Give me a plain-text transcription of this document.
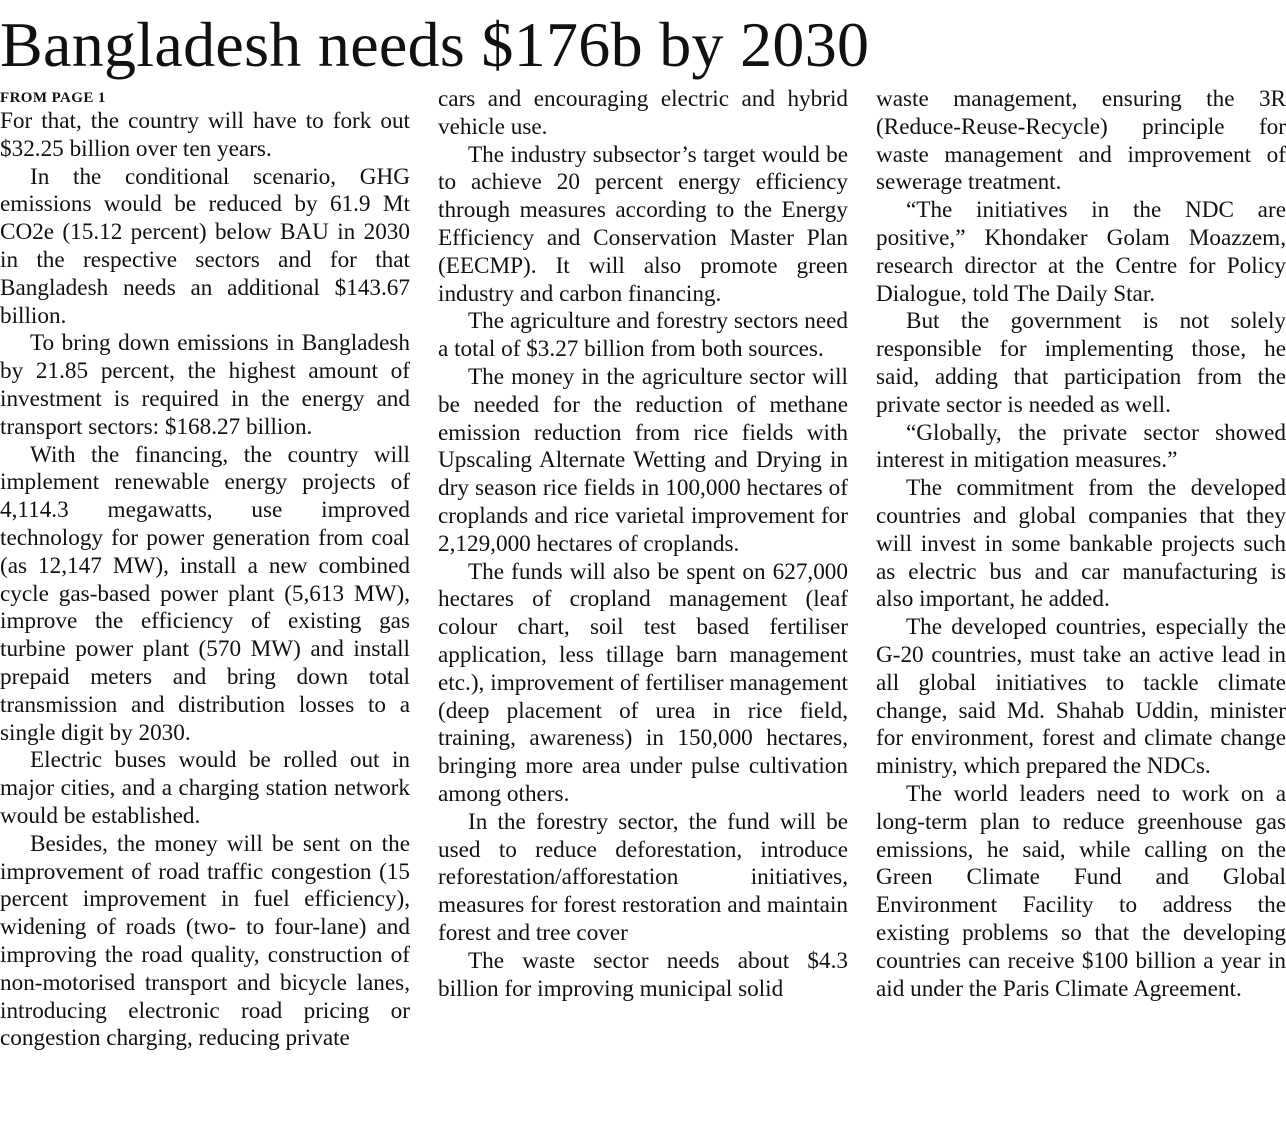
Bangladesh needs $176b by 2030
FROM PAGE 1

For that, the country will have to fork out $32.25 billion over ten years.

In the conditional scenario, GHG emissions would be reduced by 61.9 Mt CO2e (15.12 percent) below BAU in 2030 in the respective sectors and for that Bangladesh needs an additional $143.67 billion.

To bring down emissions in Bangladesh by 21.85 percent, the highest amount of investment is required in the energy and transport sectors: $168.27 billion.

With the financing, the country will implement renewable energy projects of 4,114.3 megawatts, use improved technology for power generation from coal (as 12,147 MW), install a new combined cycle gas-based power plant (5,613 MW), improve the efficiency of existing gas turbine power plant (570 MW) and install prepaid meters and bring down total transmission and distribution losses to a single digit by 2030.

Electric buses would be rolled out in major cities, and a charging station network would be established.

Besides, the money will be sent on the improvement of road traffic congestion (15 percent improvement in fuel efficiency), widening of roads (two- to four-lane) and improving the road quality, construction of non-motorised transport and bicycle lanes, introducing electronic road pricing or congestion charging, reducing private

cars and encouraging electric and hybrid vehicle use.

The industry subsector’s target would be to achieve 20 percent energy efficiency through measures according to the Energy Efficiency and Conservation Master Plan (EECMP). It will also promote green industry and carbon financing.

The agriculture and forestry sectors need a total of $3.27 billion from both sources.

The money in the agriculture sector will be needed for the reduction of methane emission reduction from rice fields with Upscaling Alternate Wetting and Drying in dry season rice fields in 100,000 hectares of croplands and rice varietal improvement for 2,129,000 hectares of croplands.

The funds will also be spent on 627,000 hectares of cropland management (leaf colour chart, soil test based fertiliser application, less tillage barn management etc.), improvement of fertiliser management (deep placement of urea in rice field, training, awareness) in 150,000 hectares, bringing more area under pulse cultivation among others.

In the forestry sector, the fund will be used to reduce deforestation, introduce reforestation/afforestation initiatives, measures for forest restoration and maintain forest and tree cover

The waste sector needs about $4.3 billion for improving municipal solid

waste management, ensuring the 3R (Reduce-Reuse-Recycle) principle for waste management and improvement of sewerage treatment.

“The initiatives in the NDC are positive,” Khondaker Golam Moazzem, research director at the Centre for Policy Dialogue, told The Daily Star.

But the government is not solely responsible for implementing those, he said, adding that participation from the private sector is needed as well.

“Globally, the private sector showed interest in mitigation measures.”

The commitment from the developed countries and global companies that they will invest in some bankable projects such as electric bus and car manufacturing is also important, he added.

The developed countries, especially the G-20 countries, must take an active lead in all global initiatives to tackle climate change, said Md. Shahab Uddin, minister for environment, forest and climate change ministry, which prepared the NDCs.

The world leaders need to work on a long-term plan to reduce greenhouse gas emissions, he said, while calling on the Green Climate Fund and Global Environment Facility to address the existing problems so that the developing countries can receive $100 billion a year in aid under the Paris Climate Agreement.
